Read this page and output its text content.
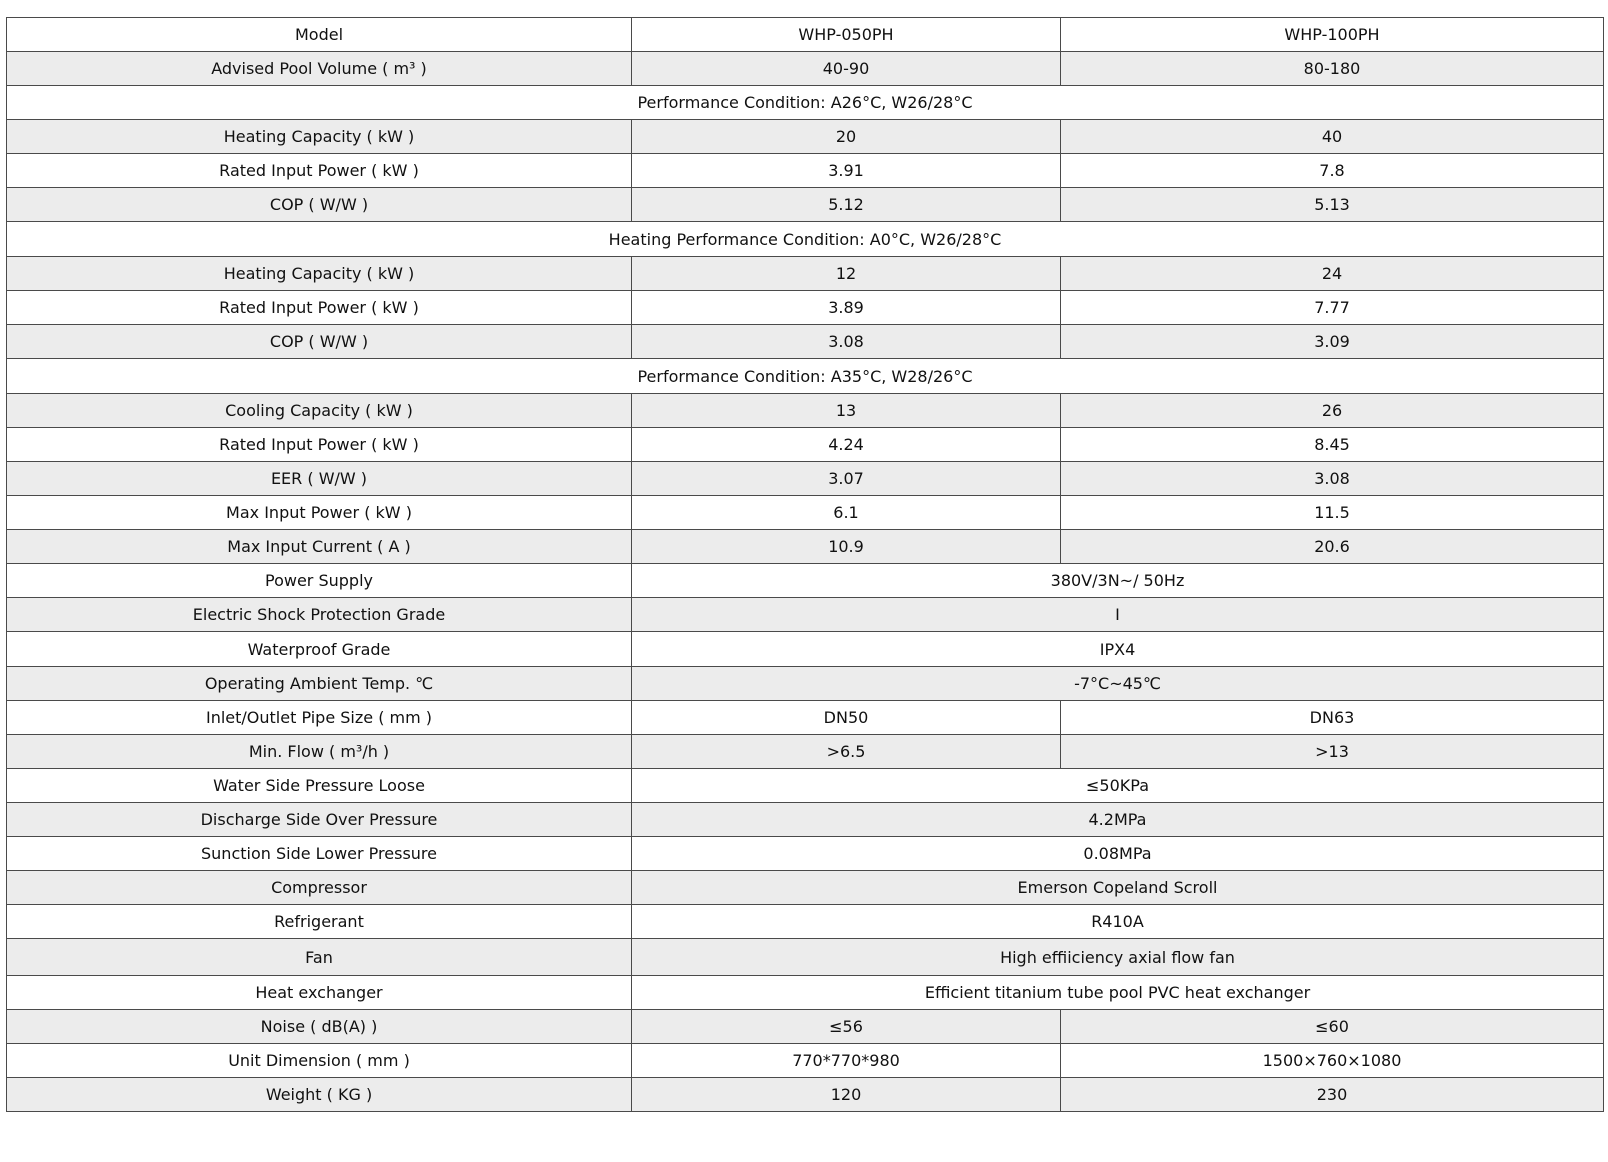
Model	WHP-050PH	WHP-100PH
Advised Pool Volume ( m³ )	40-90	80-180
Performance Condition: A26°C, W26/28°C		
Heating Capacity ( kW )	20	40
Rated Input Power ( kW )	3.91	7.8
COP ( W/W )	5.12	5.13
Heating Performance Condition: A0°C, W26/28°C		
Heating Capacity ( kW )	12	24
Rated Input Power ( kW )	3.89	7.77
COP ( W/W )	3.08	3.09
Performance Condition: A35°C, W28/26°C		
Cooling Capacity ( kW )	13	26
Rated Input Power ( kW )	4.24	8.45
EER ( W/W )	3.07	3.08
Max Input Power ( kW )	6.1	11.5
Max Input Current ( A )	10.9	20.6
Power Supply	380V/3N~/ 50Hz	
Electric Shock Protection Grade	I	
Waterproof Grade	IPX4	
Operating Ambient Temp. ℃	-7°C~45℃	
Inlet/Outlet Pipe Size ( mm )	DN50	DN63
Min. Flow ( m³/h )	>6.5	>13
Water Side Pressure Loose	≤50KPa	
Discharge Side Over Pressure	4.2MPa	
Sunction Side Lower Pressure	0.08MPa	
Compressor	Emerson Copeland Scroll	
Refrigerant	R410A	
Fan	High effiiciency axial flow fan	
Heat exchanger	Efficient titanium tube pool PVC heat exchanger	
Noise ( dB(A) )	≤56	≤60
Unit Dimension ( mm )	770*770*980	1500×760×1080
Weight ( KG )	120	230
